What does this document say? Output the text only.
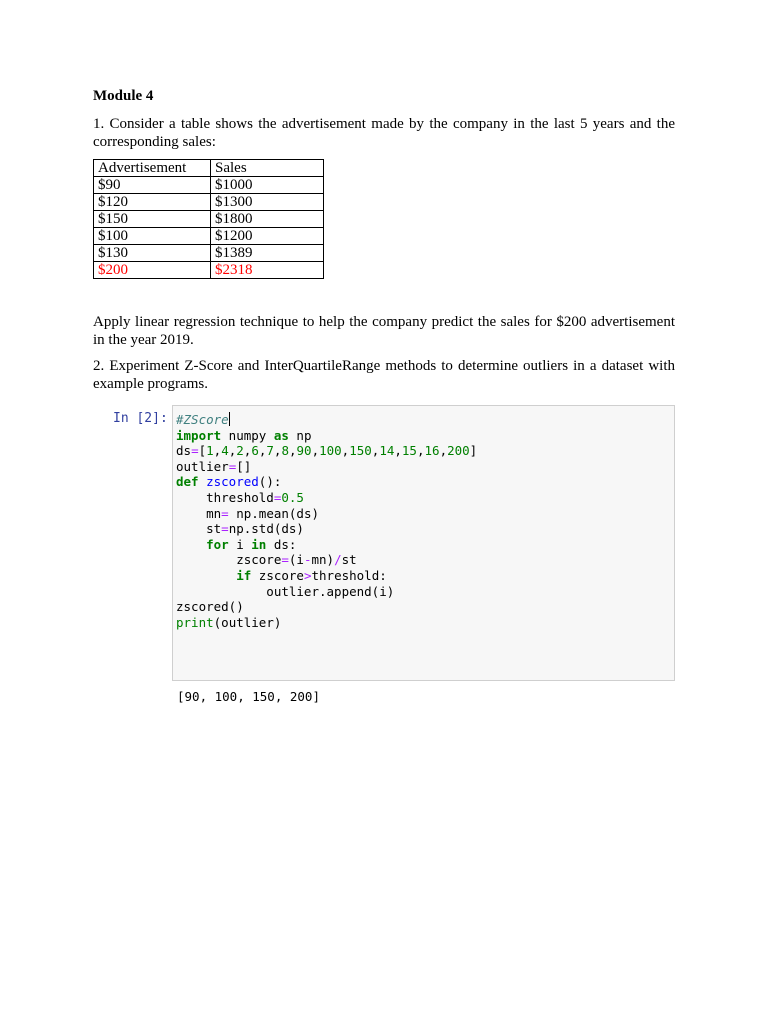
Module 4
1. Consider a table shows the advertisement made by the company in the last 5 years and the corresponding sales:
Advertisement	Sales
$90	$1000
$120	$1300
$150	$1800
$100	$1200
$130	$1389
$200	$2318
Apply linear regression technique to help the company predict the sales for $200 advertisement in the year 2019.
2. Experiment Z-Score and InterQuartileRange methods to determine outliers in a dataset with example programs.
In [2]: #ZScore
import numpy as np
ds=[1,4,2,6,7,8,90,100,150,14,15,16,200]
outlier=[]
def zscored():
threshold=0.5
mn= np.mean(ds)
st=np.std(ds)
for i in ds:
zscore=(i-mn)/st
if zscore>threshold:
outlier.append(i)
zscored()
print(outlier)
[90, 100, 150, 200]
